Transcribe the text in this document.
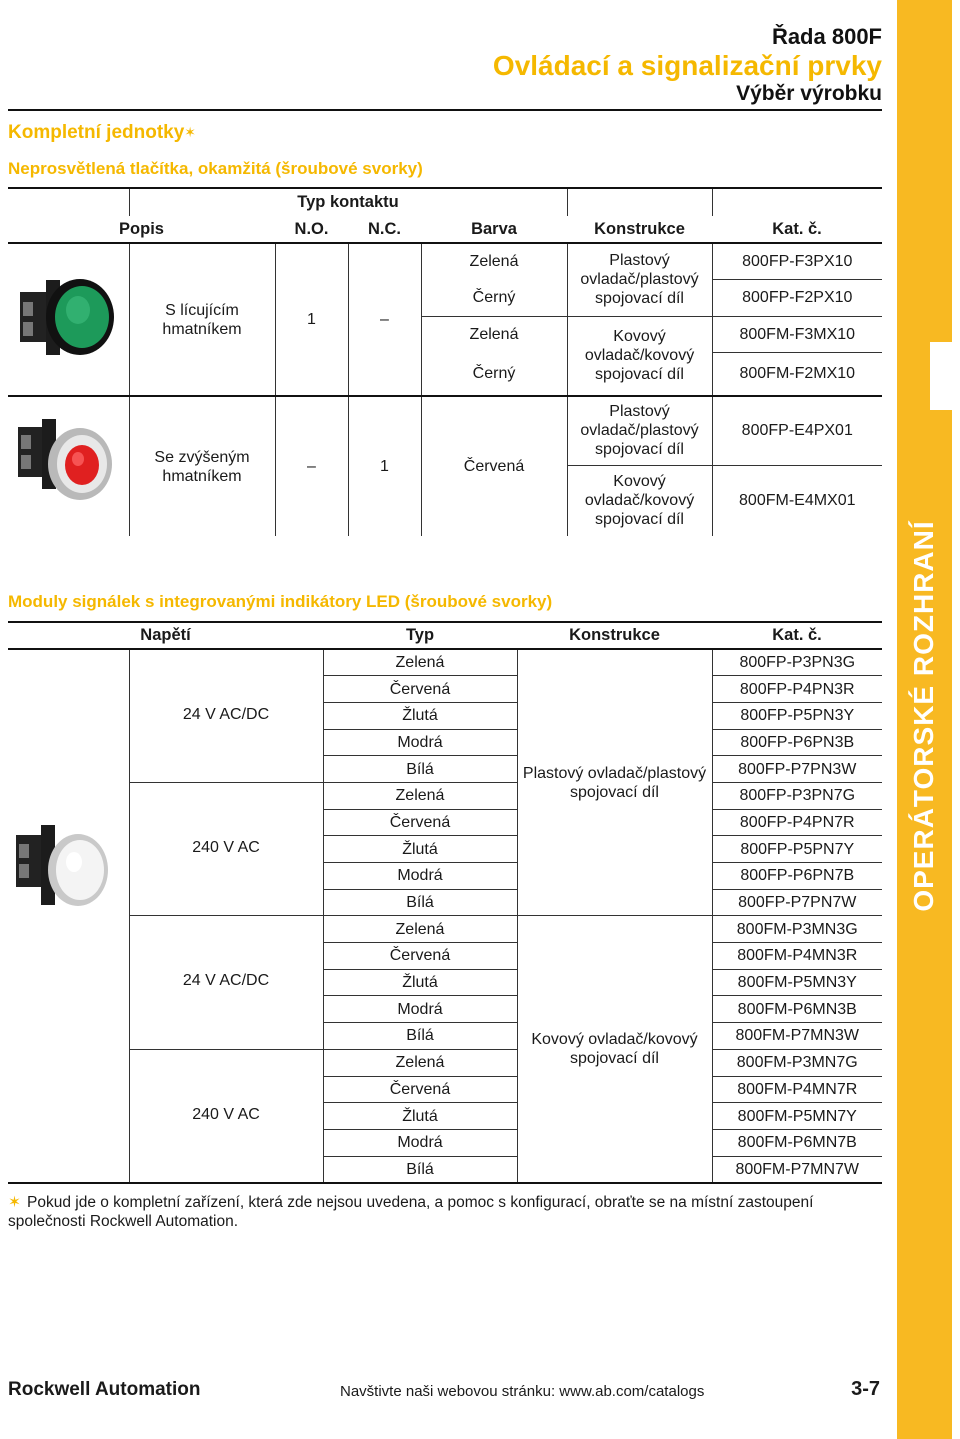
Řada 800F
Ovládací a signalizační prvky
Výběr výrobku
Kompletní jednotky✶
Neprosvětlená tlačítka, okamžitá (šroubové svorky)
		Typ kontaktu				
Popis		N.O.	N.C.	Barva	Konstrukce	Kat. č.
	S lícujícím hmatníkem	1	–	Zelená	Plastový ovladač/plastový spojovací díl	800FP-F3PX10
				Černý		800FP-F2PX10
				Zelená	Kovový ovladač/kovový spojovací díl	800FM-F3MX10
				Černý		800FM-F2MX10
	Se zvýšeným hmatníkem	–	1	Červená	Plastový ovladač/plastový spojovací díl	800FP-E4PX01
					Kovový ovladač/kovový spojovací díl	800FM-E4MX01
Moduly signálek s integrovanými indikátory LED (šroubové svorky)
Napětí		Typ	Konstrukce	Kat. č.
	24 V AC/DC	Zelená	Plastový ovladač/plastový spojovací díl	800FP-P3PN3G
		Červená		800FP-P4PN3R
		Žlutá		800FP-P5PN3Y
		Modrá		800FP-P6PN3B
		Bílá		800FP-P7PN3W
	240 V AC	Zelená		800FP-P3PN7G
		Červená		800FP-P4PN7R
		Žlutá		800FP-P5PN7Y
		Modrá		800FP-P6PN7B
		Bílá		800FP-P7PN7W
	24 V AC/DC	Zelená	Kovový ovladač/kovový spojovací díl	800FM-P3MN3G
		Červená		800FM-P4MN3R
		Žlutá		800FM-P5MN3Y
		Modrá		800FM-P6MN3B
		Bílá		800FM-P7MN3W
	240 V AC	Zelená		800FM-P3MN7G
		Červená		800FM-P4MN7R
		Žlutá		800FM-P5MN7Y
		Modrá		800FM-P6MN7B
		Bílá		800FM-P7MN7W
✶ Pokud jde o kompletní zařízení, která zde nejsou uvedena, a pomoc s konfigurací, obraťte se na místní zastoupení společnosti Rockwell Automation.
Rockwell Automation	Navštivte naši webovou stránku: www.ab.com/catalogs	3-7
OPERÁTORSKÉ ROZHRANÍ
